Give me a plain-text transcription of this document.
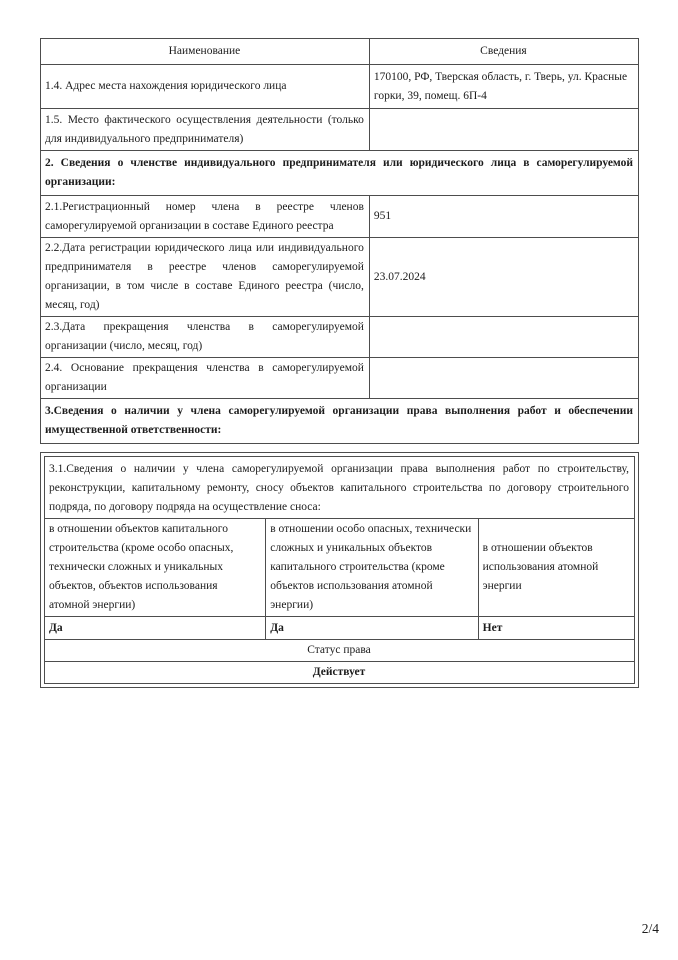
Наименование	Сведения
1.4. Адрес места нахождения юридического лица	170100, РФ, Тверская область, г. Тверь, ул. Красные горки, 39, помещ. 6П-4
1.5. Место фактического осуществления деятельности (только для индивидуального предпринимателя)	
2. Сведения о членстве индивидуального предпринимателя или юридического лица в саморегулируемой организации:	
2.1.Регистрационный номер члена в реестре членов саморегулируемой организации в составе Единого реестра	951
2.2.Дата регистрации юридического лица или индивидуального предпринимателя в реестре членов саморегулируемой организации, в том числе в составе Единого реестра (число, месяц, год)	23.07.2024
2.3.Дата прекращения членства в саморегулируемой организации (число, месяц, год)	
2.4. Основание прекращения членства в саморегулируемой организации	
3.Сведения о наличии у члена саморегулируемой организации права выполнения работ и обеспечении имущественной ответственности:	
3.1.Сведения о наличии у члена саморегулируемой организации права выполнения работ по строительству, реконструкции, капитальному ремонту, сносу объектов капитального строительства по договору строительного подряда, по договору подряда на осуществление сноса:		
в отношении объектов капитального строительства (кроме особо опасных, технически сложных и уникальных объектов, объектов использования атомной энергии)	в отношении особо опасных, технически сложных и уникальных объектов капитального строительства (кроме объектов использования атомной энергии)	в отношении объектов использования атомной энергии
Да	Да	Нет
Статус права		
Действует		
2/4
